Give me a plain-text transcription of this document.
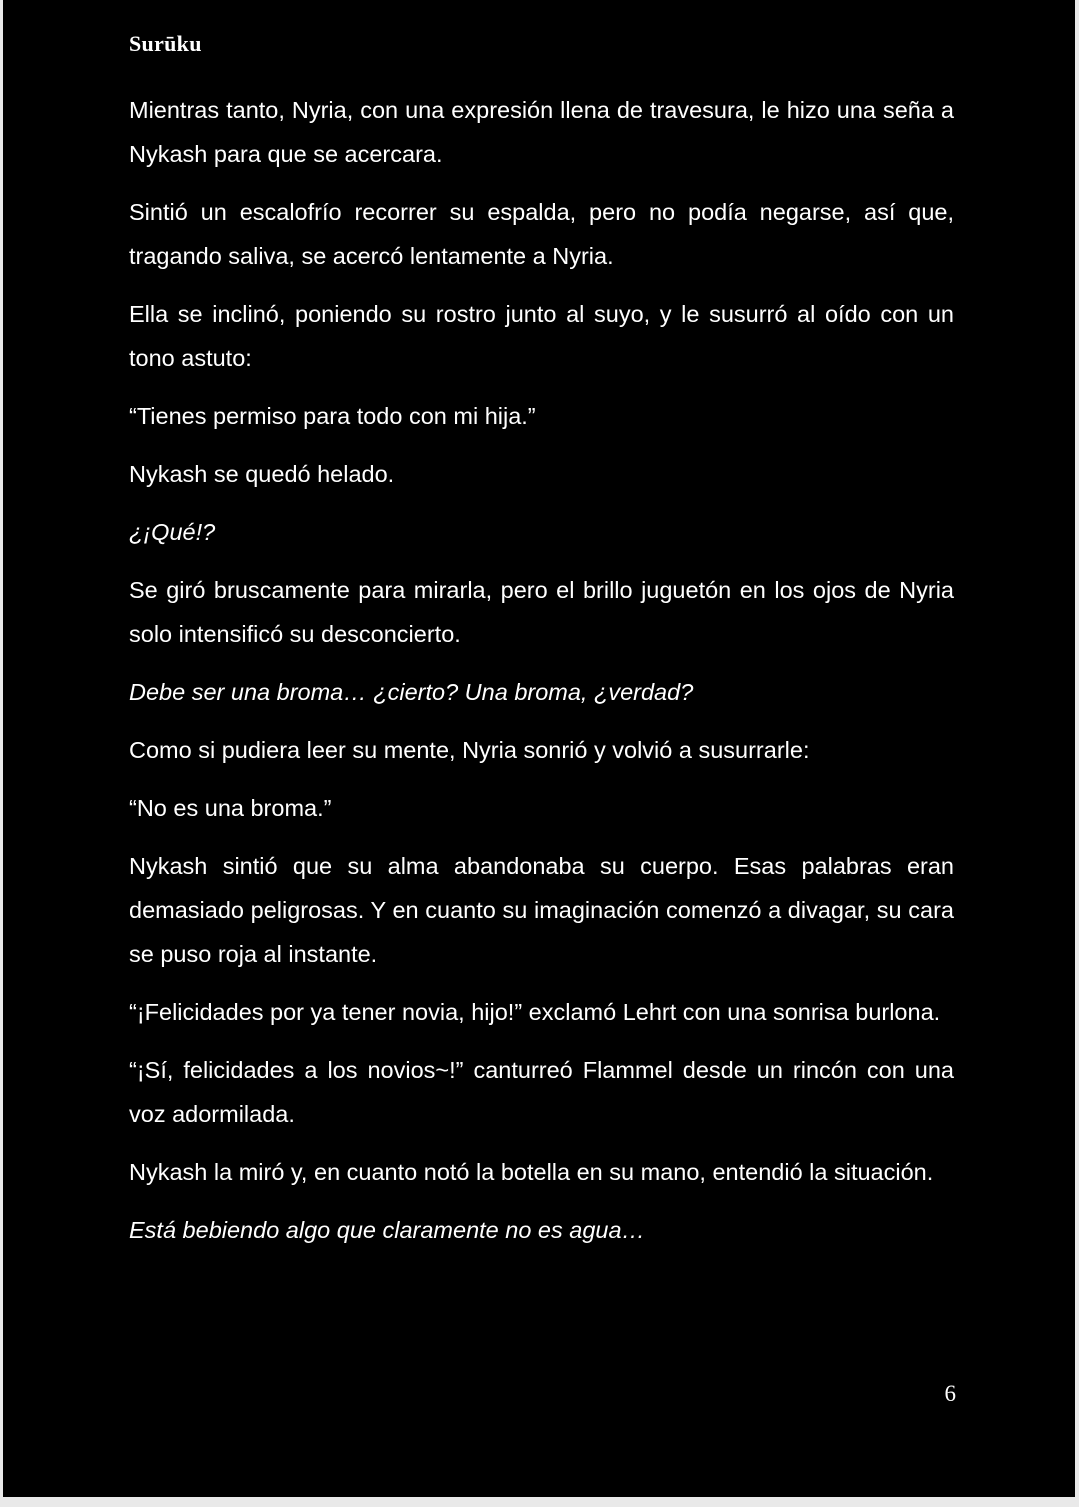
Surūku

Mientras tanto, Nyria, con una expresión llena de travesura, le hizo una seña a Nykash para que se acercara.

Sintió un escalofrío recorrer su espalda, pero no podía negarse, así que, tragando saliva, se acercó lentamente a Nyria.

Ella se inclinó, poniendo su rostro junto al suyo, y le susurró al oído con un tono astuto:

“Tienes permiso para todo con mi hija.”

Nykash se quedó helado.

¿¡Qué!?

Se giró bruscamente para mirarla, pero el brillo juguetón en los ojos de Nyria solo intensificó su desconcierto.

Debe ser una broma… ¿cierto? Una broma, ¿verdad?

Como si pudiera leer su mente, Nyria sonrió y volvió a susurrarle:

“No es una broma.”

Nykash sintió que su alma abandonaba su cuerpo. Esas palabras eran demasiado peligrosas. Y en cuanto su imaginación comenzó a divagar, su cara se puso roja al instante.

“¡Felicidades por ya tener novia, hijo!” exclamó Lehrt con una sonrisa burlona.

“¡Sí, felicidades a los novios~!” canturreó Flammel desde un rincón con una voz adormilada.

Nykash la miró y, en cuanto notó la botella en su mano, entendió la situación.

Está bebiendo algo que claramente no es agua…

6
